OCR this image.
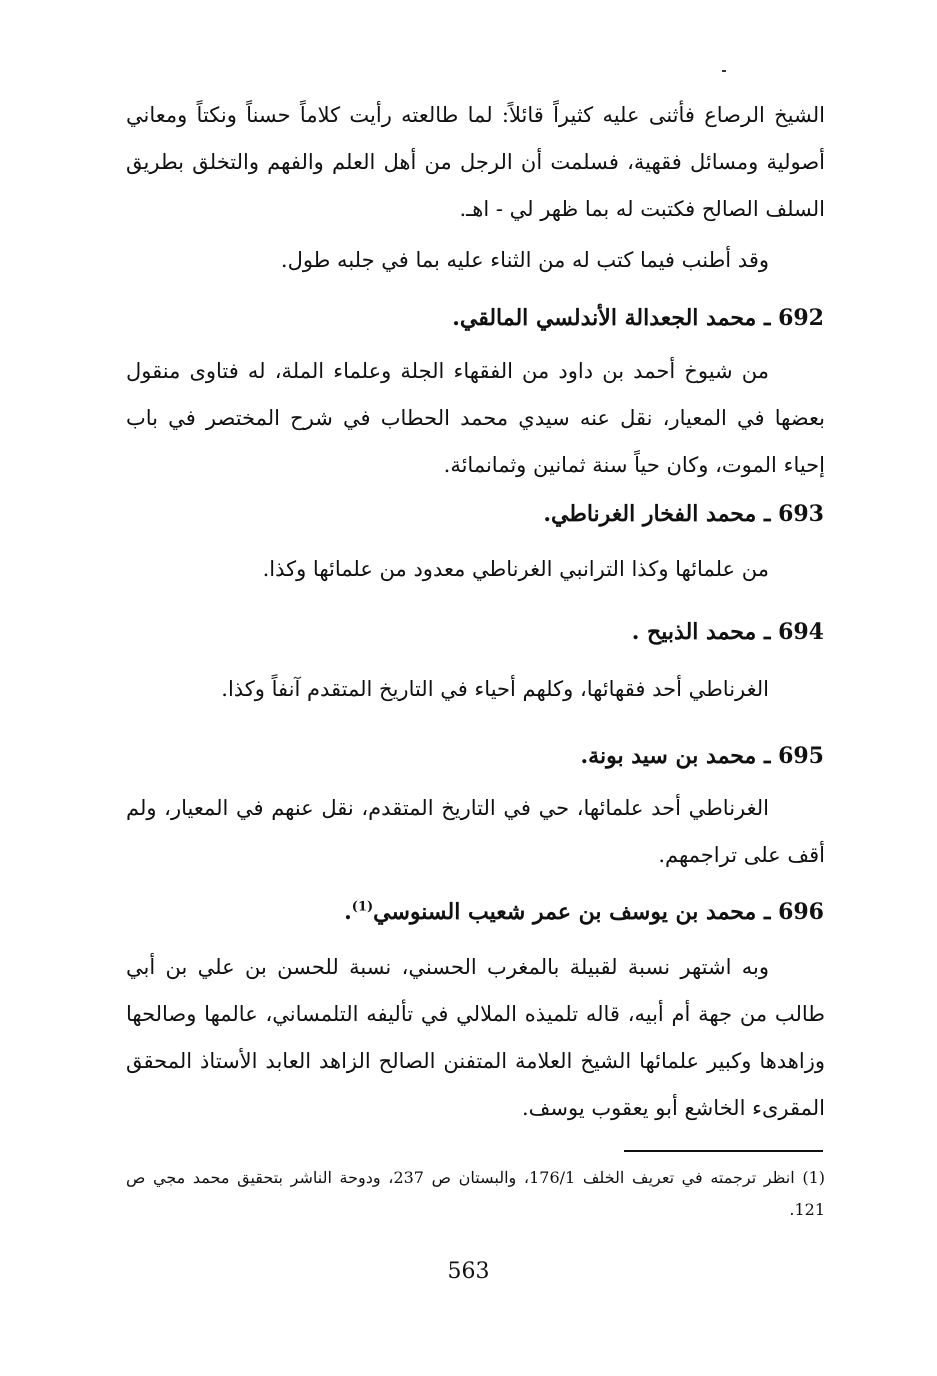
الشيخ الرصاع فأثنى عليه كثيراً قائلاً: لما طالعته رأيت كلاماً حسناً ونكتاً ومعاني أصولية ومسائل فقهية، فسلمت أن الرجل من أهل العلم والفهم والتخلق بطريق السلف الصالح فكتبت له بما ظهر لي - اهـ.

وقد أطنب فيما كتب له من الثناء عليه بما في جلبه طول.

692 ـ محمد الجعدالة الأندلسي المالقي.

من شيوخ أحمد بن داود من الفقهاء الجلة وعلماء الملة، له فتاوى منقول بعضها في المعيار، نقل عنه سيدي محمد الحطاب في شرح المختصر في باب إحياء الموت، وكان حياً سنة ثمانين وثمانمائة.

693 ـ محمد الفخار الغرناطي.

من علمائها وكذا الترانبي الغرناطي معدود من علمائها وكذا.

694 ـ محمد الذبيح .

الغرناطي أحد فقهائها، وكلهم أحياء في التاريخ المتقدم آنفاً وكذا.

695 ـ محمد بن سيد بونة.

الغرناطي أحد علمائها، حي في التاريخ المتقدم، نقل عنهم في المعيار، ولم أقف على تراجمهم.

696 ـ محمد بن يوسف بن عمر شعيب السنوسي$^{(1)}$.

وبه اشتهر نسبة لقبيلة بالمغرب الحسني، نسبة للحسن بن علي بن أبي طالب من جهة أم أبيه، قاله تلميذه الملالي في تأليفه التلمساني، عالمها وصالحها وزاهدها وكبير علمائها الشيخ العلامة المتفنن الصالح الزاهد العابد الأستاذ المحقق المقرىء الخاشع أبو يعقوب يوسف.

(1) انظر ترجمته في تعريف الخلف 176/1، والبستان ص 237، ودوحة الناشر بتحقيق محمد مجي ص 121.

563
